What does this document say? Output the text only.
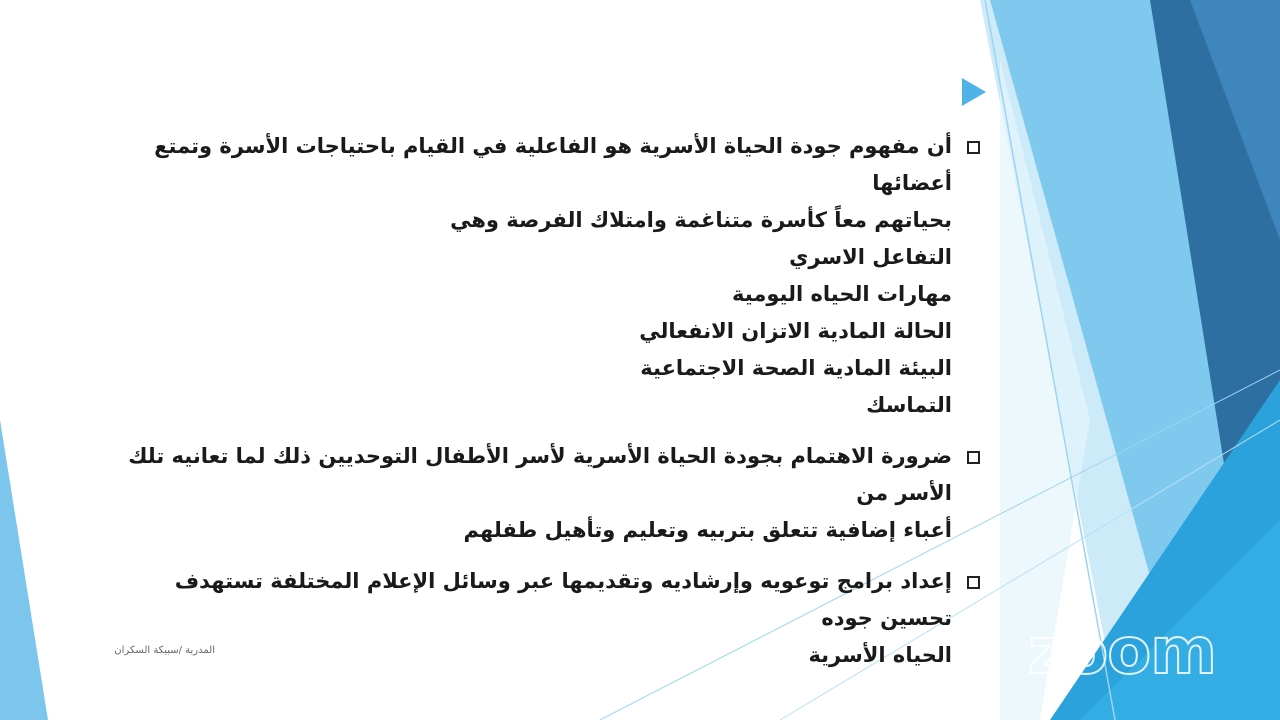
أن مفهوم جودة الحياة الأسرية هو الفاعلية في القيام باحتياجات الأسرة وتمتع أعضائها
بحياتهم معاً كأسرة متناغمة وامتلاك الفرصة وهي
التفاعل الاسري
مهارات الحياه اليومية
الحالة المادية الاتزان الانفعالي
البيئة المادية الصحة الاجتماعية
التماسك
ضرورة الاهتمام بجودة الحياة الأسرية لأسر الأطفال التوحديين ذلك لما تعانيه تلك الأسر من
أعباء إضافية تتعلق بتربيه وتعليم وتأهيل طفلهم
إعداد برامج توعويه وإرشاديه وتقديمها عبر وسائل الإعلام المختلفة تستهدف تحسين جوده
الحياه الأسرية
المدربة /سبيكة السكران	zoom
